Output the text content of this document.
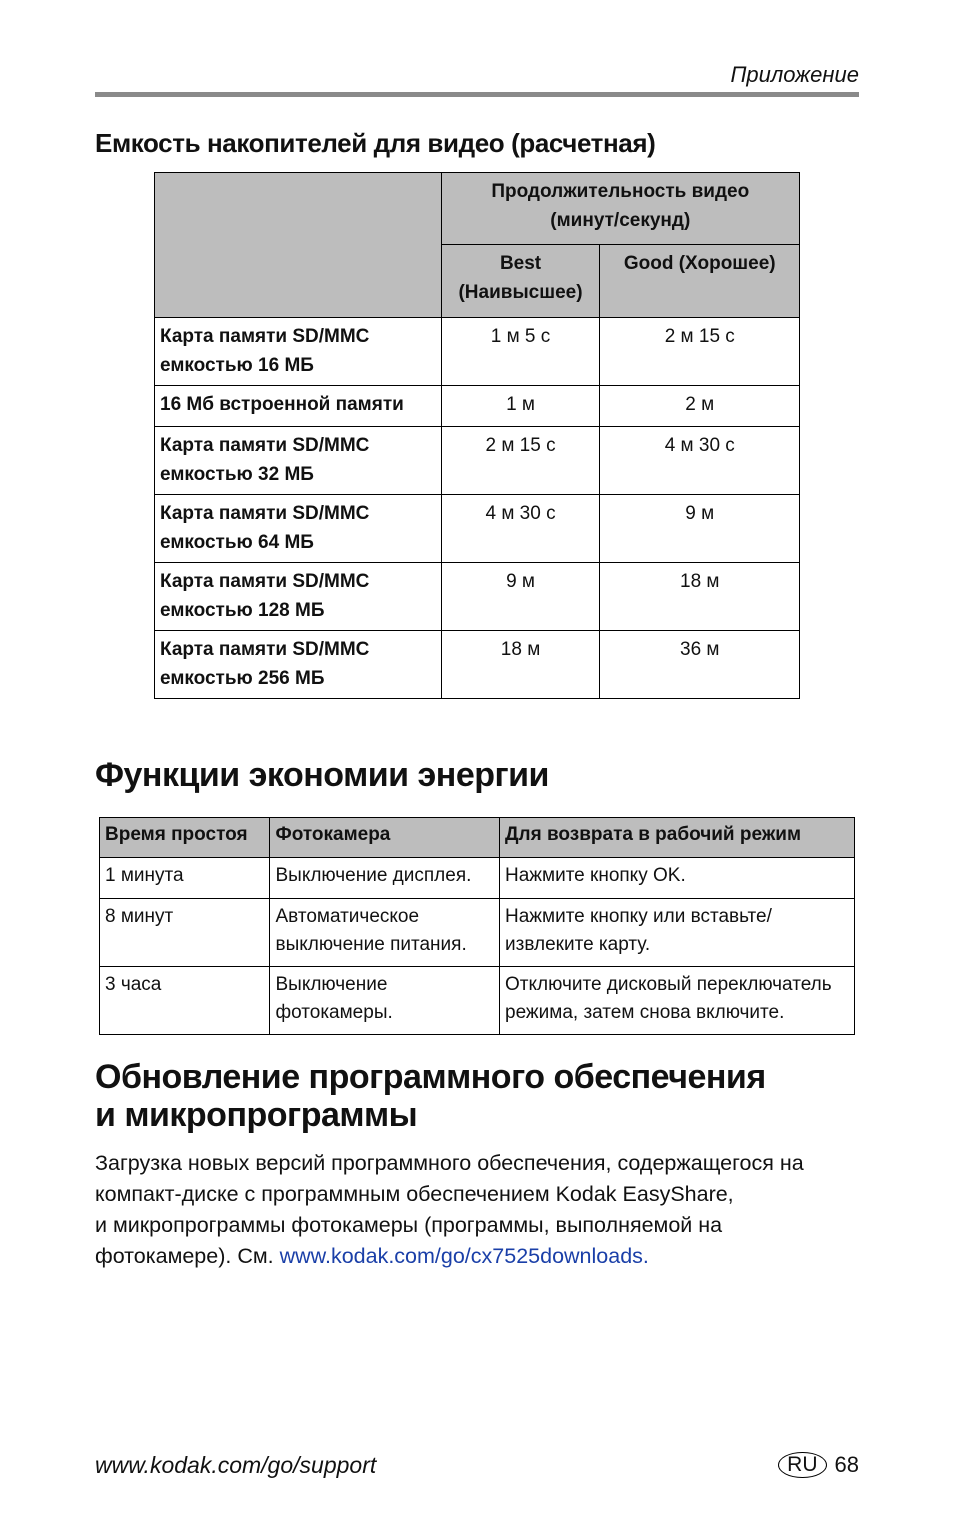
Приложение
Емкость накопителей для видео (расчетная)
	Продолжительность видео (минут/секунд)	
	Best (Наивысшее)	Good (Хорошее)
Карта памяти SD/MMC емкостью 16 МБ	1 м 5 с	2 м 15 с
16 Мб встроенной памяти	1 м	2 м
Карта памяти SD/MMC емкостью 32 МБ	2 м 15 с	4 м 30 с
Карта памяти SD/MMC емкостью 64 МБ	4 м 30 с	9 м
Карта памяти SD/MMC емкостью 128 МБ	9 м	18 м
Карта памяти SD/MMC емкостью 256 МБ	18 м	36 м
Функции экономии энергии
Время простоя	Фотокамера	Для возврата в рабочий режим
1 минута	Выключение дисплея.	Нажмите кнопку OK.
8 минут	Автоматическое выключение питания.	Нажмите кнопку или вставьте/извлеките карту.
3 часа	Выключение фотокамеры.	Отключите дисковый переключатель режима, затем снова включите.
Обновление программного обеспечения
и микропрограммы
Загрузка новых версий программного обеспечения, содержащегося на
компакт-диске с программным обеспечением Kodak EasyShare,
и микропрограммы фотокамеры (программы, выполняемой на
фотокамере). См. www.kodak.com/go/cx7525downloads.
www.kodak.com/go/support	RU 68
